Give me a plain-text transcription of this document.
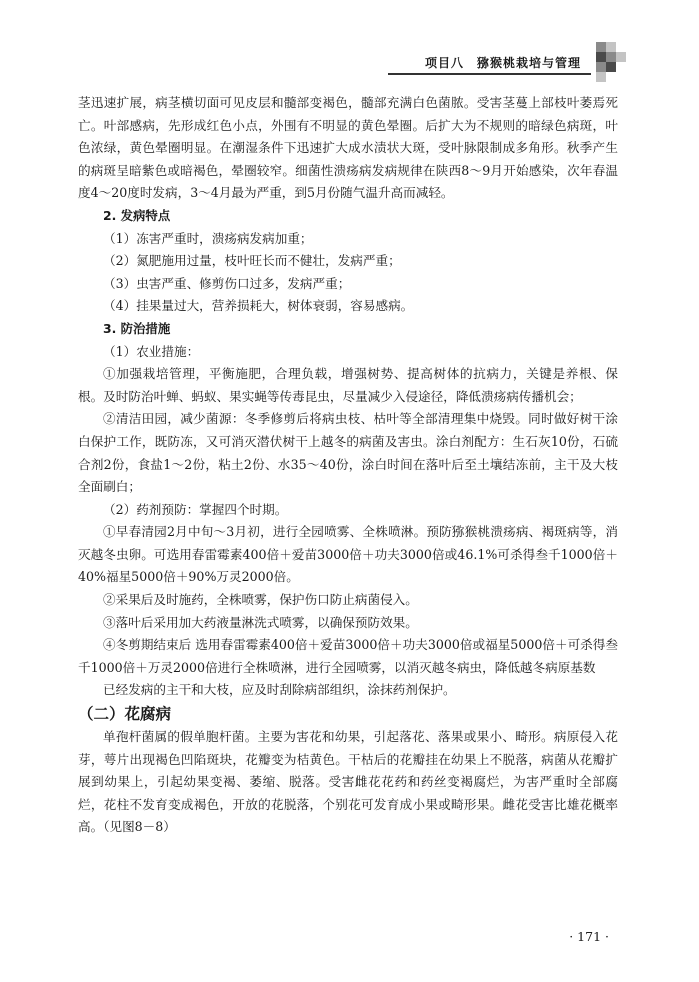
项目八　猕猴桃栽培与管理

茎迅速扩展，病茎横切面可见皮层和髓部变褐色，髓部充满白色菌脓。受害茎蔓上部枝叶萎焉死亡。叶部感病，先形成红色小点，外围有不明显的黄色晕圈。后扩大为不规则的暗绿色病斑，叶色浓绿，黄色晕圈明显。在潮湿条件下迅速扩大成水渍状大斑，受叶脉限制成多角形。秋季产生的病斑呈暗紫色或暗褐色，晕圈较窄。细菌性溃疡病发病规律在陕西8～9月开始感染，次年春温度4～20度时发病，3～4月最为严重，到5月份随气温升高而减轻。

2. 发病特点

（1）冻害严重时，溃疡病发病加重；

（2）氮肥施用过量，枝叶旺长而不健壮，发病严重；

（3）虫害严重、修剪伤口过多，发病严重；

（4）挂果量过大，营养损耗大，树体衰弱，容易感病。

3. 防治措施

（1）农业措施：

①加强栽培管理，平衡施肥，合理负载，增强树势、提高树体的抗病力，关键是养根、保根。及时防治叶蝉、蚂蚁、果实蝇等传毒昆虫，尽量减少入侵途径，降低溃疡病传播机会；

②清洁田园，减少菌源：冬季修剪后将病虫枝、枯叶等全部清理集中烧毁。同时做好树干涂白保护工作，既防冻，又可消灭潜伏树干上越冬的病菌及害虫。涂白剂配方：生石灰10份，石硫合剂2份，食盐1～2份，粘土2份、水35～40份，涂白时间在落叶后至土壤结冻前，主干及大枝全面刷白；

（2）药剂预防：掌握四个时期。

①早春清园2月中旬～3月初，进行全园喷雾、全株喷淋。预防猕猴桃溃疡病、褐斑病等，消灭越冬虫卵。可选用春雷霉素400倍＋爱苗3000倍＋功夫3000倍或46.1%可杀得叁千1000倍＋40%福星5000倍＋90%万灵2000倍。

②采果后及时施药，全株喷雾，保护伤口防止病菌侵入。

③落叶后采用加大药液量淋洗式喷雾，以确保预防效果。

④冬剪期结束后 选用春雷霉素400倍＋爱苗3000倍＋功夫3000倍或福星5000倍＋可杀得叁千1000倍＋万灵2000倍进行全株喷淋，进行全园喷雾，以消灭越冬病虫，降低越冬病原基数

已经发病的主干和大枝，应及时刮除病部组织，涂抹药剂保护。

（二）花腐病

单孢杆菌属的假单胞杆菌。主要为害花和幼果，引起落花、落果或果小、畸形。病原侵入花芽，萼片出现褐色凹陷斑块，花瓣变为桔黄色。干枯后的花瓣挂在幼果上不脱落，病菌从花瓣扩展到幼果上，引起幼果变褐、萎缩、脱落。受害雌花花药和药丝变褐腐烂，为害严重时全部腐烂，花柱不发育变成褐色，开放的花脱落，个别花可发育成小果或畸形果。雌花受害比雄花概率高。（见图8－8）

· 171 ·
